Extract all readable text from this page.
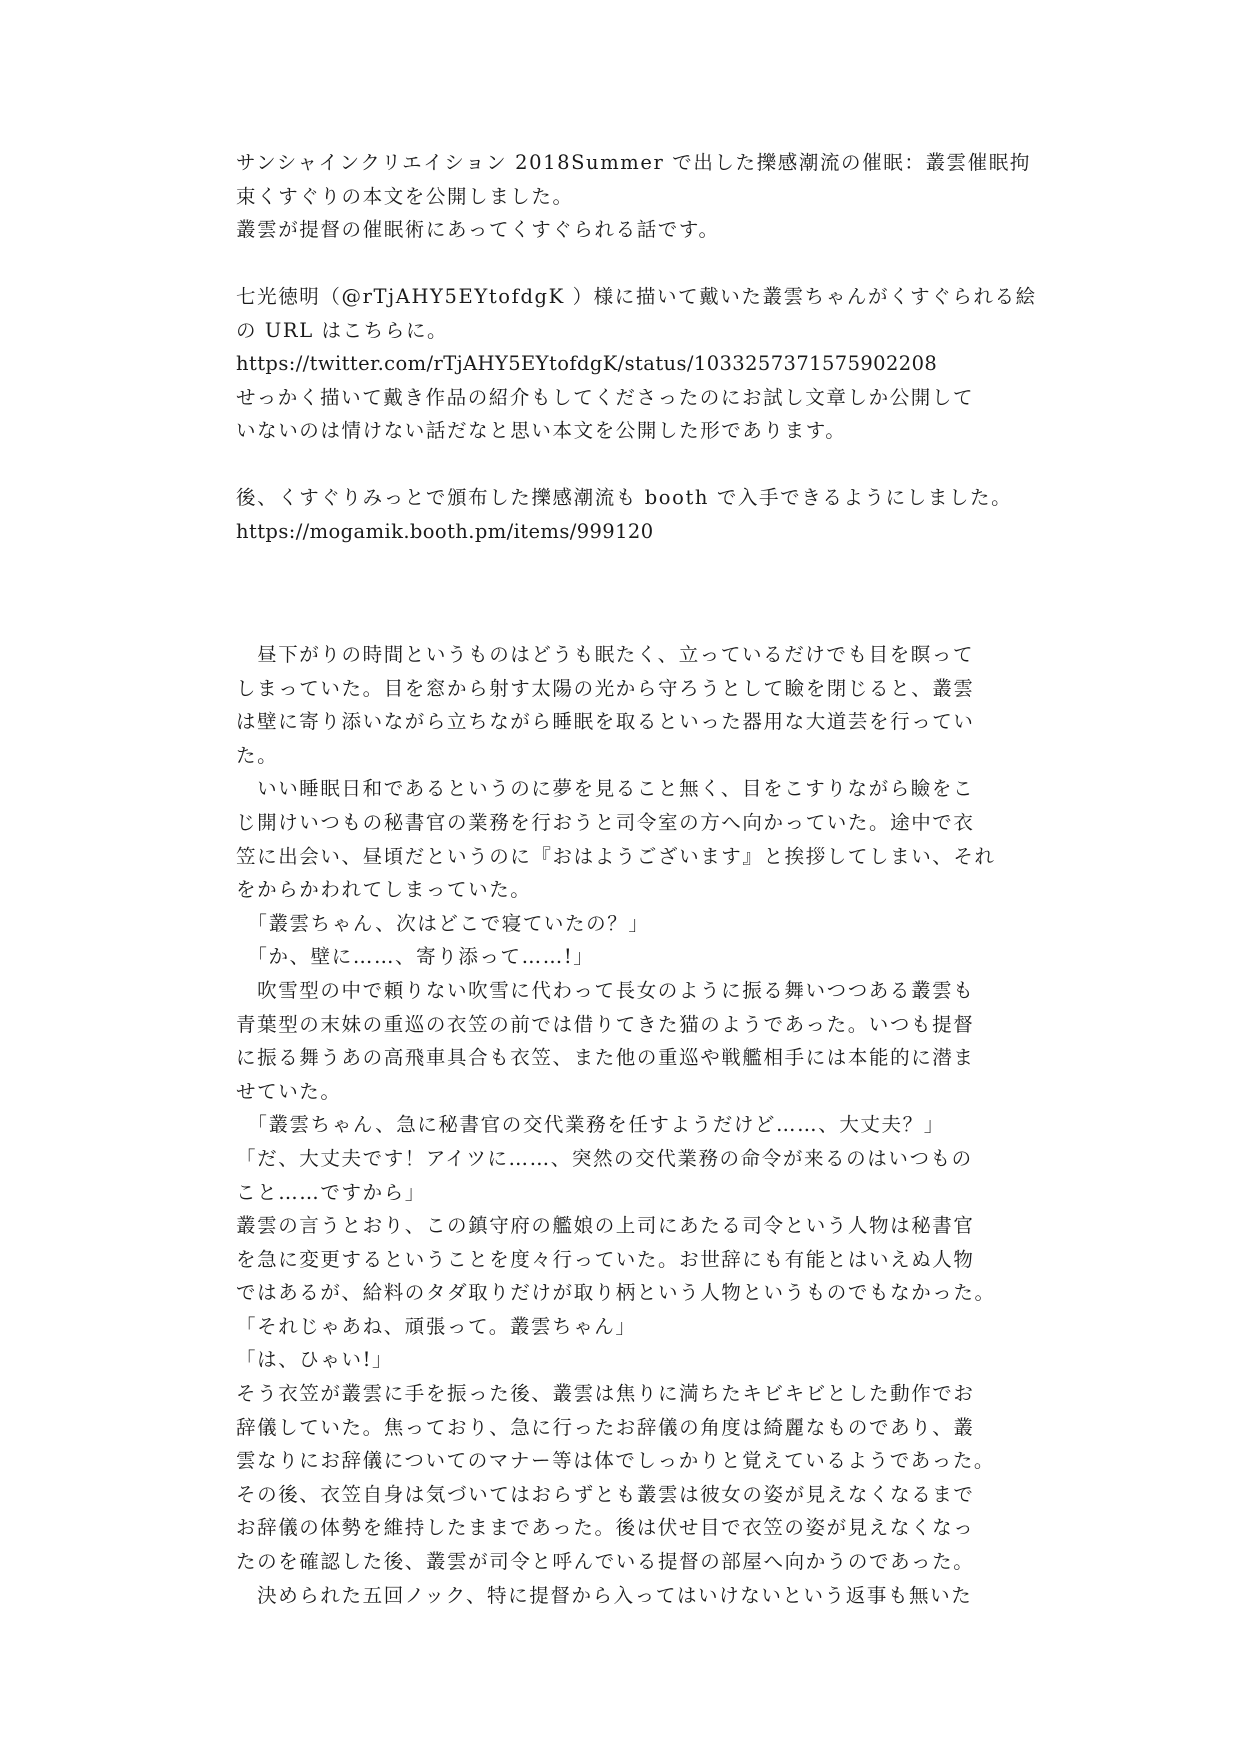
サンシャインクリエイション 2018Summer で出した擽感潮流の催眠：叢雲催眠拘

束くすぐりの本文を公開しました。

叢雲が提督の催眠術にあってくすぐられる話です。

七光徳明（@rTjAHY5EYtofdgK ）様に描いて戴いた叢雲ちゃんがくすぐられる絵

の URL はこちらに。

https://twitter.com/rTjAHY5EYtofdgK/status/1033257371575902208

せっかく描いて戴き作品の紹介もしてくださったのにお試し文章しか公開して

いないのは情けない話だなと思い本文を公開した形であります。

後、くすぐりみっとで頒布した擽感潮流も booth で入手できるようにしました。

https://mogamik.booth.pm/items/999120

　昼下がりの時間というものはどうも眠たく、立っているだけでも目を瞑って

しまっていた。目を窓から射す太陽の光から守ろうとして瞼を閉じると、叢雲

は壁に寄り添いながら立ちながら睡眠を取るといった器用な大道芸を行ってい

た。

　いい睡眠日和であるというのに夢を見ること無く、目をこすりながら瞼をこ

じ開けいつもの秘書官の業務を行おうと司令室の方へ向かっていた。途中で衣

笠に出会い、昼頃だというのに『おはようございます』と挨拶してしまい、それ

をからかわれてしまっていた。

　「叢雲ちゃん、次はどこで寝ていたの？」

　「か、壁に……、寄り添って……!」

　吹雪型の中で頼りない吹雪に代わって長女のように振る舞いつつある叢雲も

青葉型の末妹の重巡の衣笠の前では借りてきた猫のようであった。いつも提督

に振る舞うあの高飛車具合も衣笠、また他の重巡や戦艦相手には本能的に潜ま

せていた。

　「叢雲ちゃん、急に秘書官の交代業務を任すようだけど……、大丈夫？」

「だ、大丈夫です！アイツに……、突然の交代業務の命令が来るのはいつもの

こと……ですから」

叢雲の言うとおり、この鎮守府の艦娘の上司にあたる司令という人物は秘書官

を急に変更するということを度々行っていた。お世辞にも有能とはいえぬ人物

ではあるが、給料のタダ取りだけが取り柄という人物というものでもなかった。

「それじゃあね、頑張って。叢雲ちゃん」

「は、ひゃい!」

そう衣笠が叢雲に手を振った後、叢雲は焦りに満ちたキビキビとした動作でお

辞儀していた。焦っており、急に行ったお辞儀の角度は綺麗なものであり、叢

雲なりにお辞儀についてのマナー等は体でしっかりと覚えているようであった。

その後、衣笠自身は気づいてはおらずとも叢雲は彼女の姿が見えなくなるまで

お辞儀の体勢を維持したままであった。後は伏せ目で衣笠の姿が見えなくなっ

たのを確認した後、叢雲が司令と呼んでいる提督の部屋へ向かうのであった。

　決められた五回ノック、特に提督から入ってはいけないという返事も無いた
